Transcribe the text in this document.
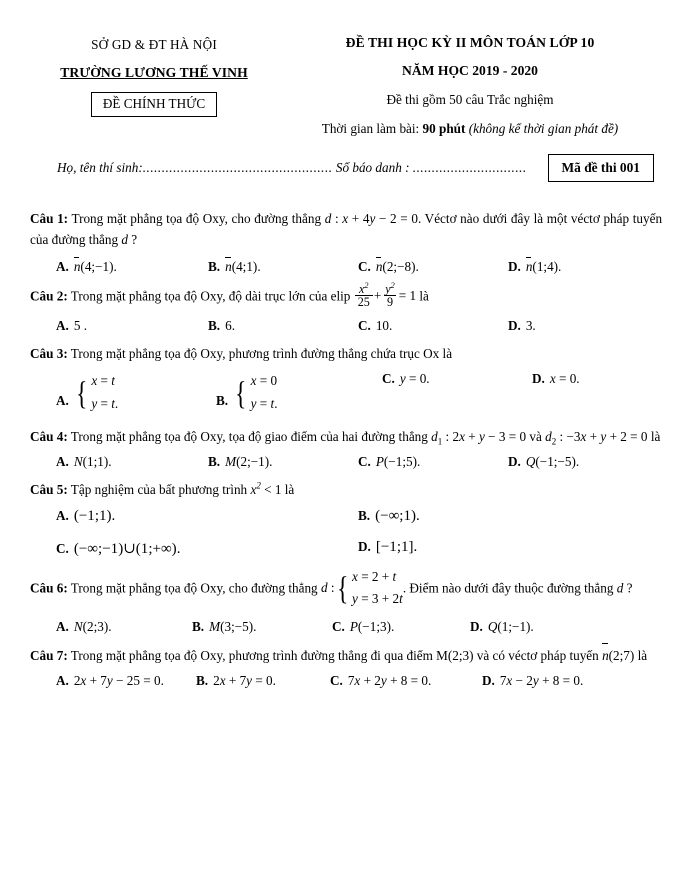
SỞ GD & ĐT HÀ NỘI
TRƯỜNG LƯƠNG THẾ VINH
ĐỀ CHÍNH THỨC
ĐỀ THI HỌC KỲ II MÔN TOÁN LỚP 10
NĂM HỌC 2019 - 2020
Đề thi gồm 50 câu Trắc nghiệm
Thời gian làm bài: 90 phút (không kể thời gian phát đề)
Họ, tên thí sinh:.................................................. Số báo danh : ..............................	Mã đề thi 001
Câu 1: Trong mặt phẳng tọa độ Oxy, cho đường thẳng d : x + 4y − 2 = 0. Véctơ nào dưới đây là một véctơ pháp tuyến của đường thẳng d ?
A. n(4;−1).	B. n(4;1).	C. n(2;−8).	D. n(1;4).
Câu 2: Trong mặt phẳng tọa độ Oxy, độ dài trục lớn của elip $\frac{x^2}{25} + \frac{y^2}{9} = 1$ là
A. 5 .	B. 6.	C. 10.	D. 3.
Câu 3: Trong mặt phẳng tọa độ Oxy, phương trình đường thẳng chứa trục Ox là
A. { x = t
y = t.	B. { x = 0
y = t.
C. y = 0.	D. x = 0.
Câu 4: Trong mặt phẳng tọa độ Oxy, tọa độ giao điểm của hai đường thẳng $d_1$ : 2x + y − 3 = 0 và $d_2$ : −3x + y + 2 = 0 là
A. N(1;1).	B. M(2;−1).	C. P(−1;5).	D. Q(−1;−5).
Câu 5: Tập nghiệm của bất phương trình $x^2 < 1$ là
A. (−1;1).	B. (−∞;1).
C. (−∞;−1)∪(1;+∞).	D. [−1;1].
Câu 6: Trong mặt phẳng tọa độ Oxy, cho đường thẳng d : { x = 2 + t
y = 3 + 2t
. Điểm nào dưới đây thuộc đường thẳng d ?
A. N(2;3).	B. M(3;−5).	C. P(−1;3).	D. Q(1;−1).
Câu 7: Trong mặt phẳng tọa độ Oxy, phương trình đường thẳng đi qua điểm M(2;3) và có véctơ pháp tuyến n(2;7) là
A. 2x + 7y − 25 = 0. B. 2x + 7y = 0.	C. 7x + 2y + 8 = 0.	D. 7x − 2y + 8 = 0.
